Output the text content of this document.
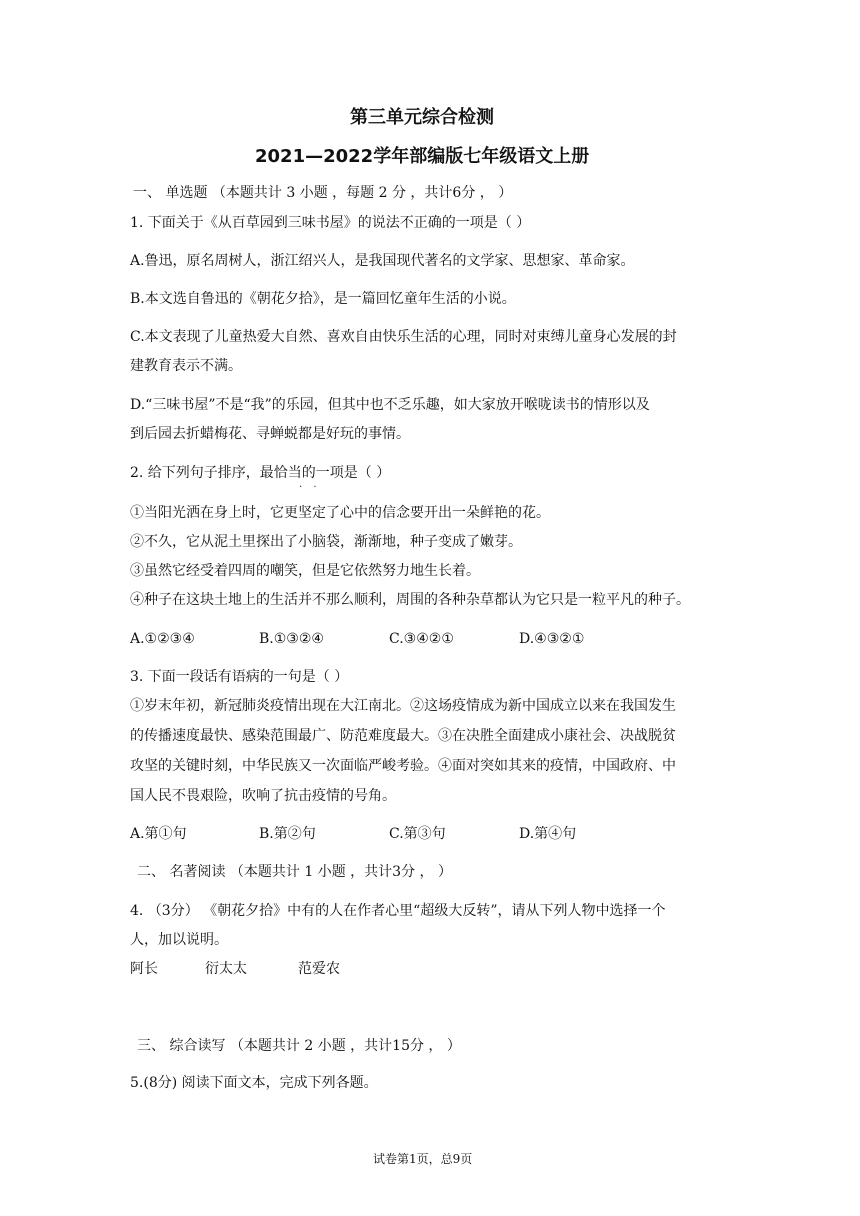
第三单元综合检测
2021—2022学年部编版七年级语文上册
一、 单选题 （本题共计 3 小题 ，每题 2 分 ，共计6分 ， ）
1. 下面关于《从百草园到三味书屋》的说法不正确的一项是（ ）
A.鲁迅，原名周树人，浙江绍兴人，是我国现代著名的文学家、思想家、革命家。
B.本文选自鲁迅的《朝花夕拾》，是一篇回忆童年生活的小说。
C.本文表现了儿童热爱大自然、喜欢自由快乐生活的心理，同时对束缚儿童身心发展的封
建教育表示不满。
D.“三味书屋”不是“我”的乐园，但其中也不乏乐趣，如大家放开喉咙读书的情形以及
到后园去折蜡梅花、寻蝉蜕都是好玩的事情。
2. 给下列句子排序，最恰当的一项是（ ）
· ·
①当阳光洒在身上时，它更坚定了心中的信念要开出一朵鲜艳的花。
②不久，它从泥土里探出了小脑袋，渐渐地，种子变成了嫩芽。
③虽然它经受着四周的嘲笑，但是它依然努力地生长着。
④种子在这块土地上的生活并不那么顺利，周围的各种杂草都认为它只是一粒平凡的种子。
A.①②③④	B.①③②④	C.③④②①	D.④③②①
3. 下面一段话有语病的一句是（ ）
①岁末年初，新冠肺炎疫情出现在大江南北。②这场疫情成为新中国成立以来在我国发生
的传播速度最快、感染范围最广、防范难度最大。③在决胜全面建成小康社会、决战脱贫
攻坚的关键时刻，中华民族又一次面临严峻考验。④面对突如其来的疫情，中国政府、中
国人民不畏艰险，吹响了抗击疫情的号角。
A.第①句	B.第②句	C.第③句	D.第④句
二、 名著阅读 （本题共计 1 小题 ，共计3分 ， ）
4. （3分） 《朝花夕拾》中有的人在作者心里“超级大反转”，请从下列人物中选择一个
人，加以说明。
阿长	衍太太	范爱农
三、 综合读写 （本题共计 2 小题 ，共计15分 ， ）
5.(8分) 阅读下面文本，完成下列各题。
试卷第1页，总9页
